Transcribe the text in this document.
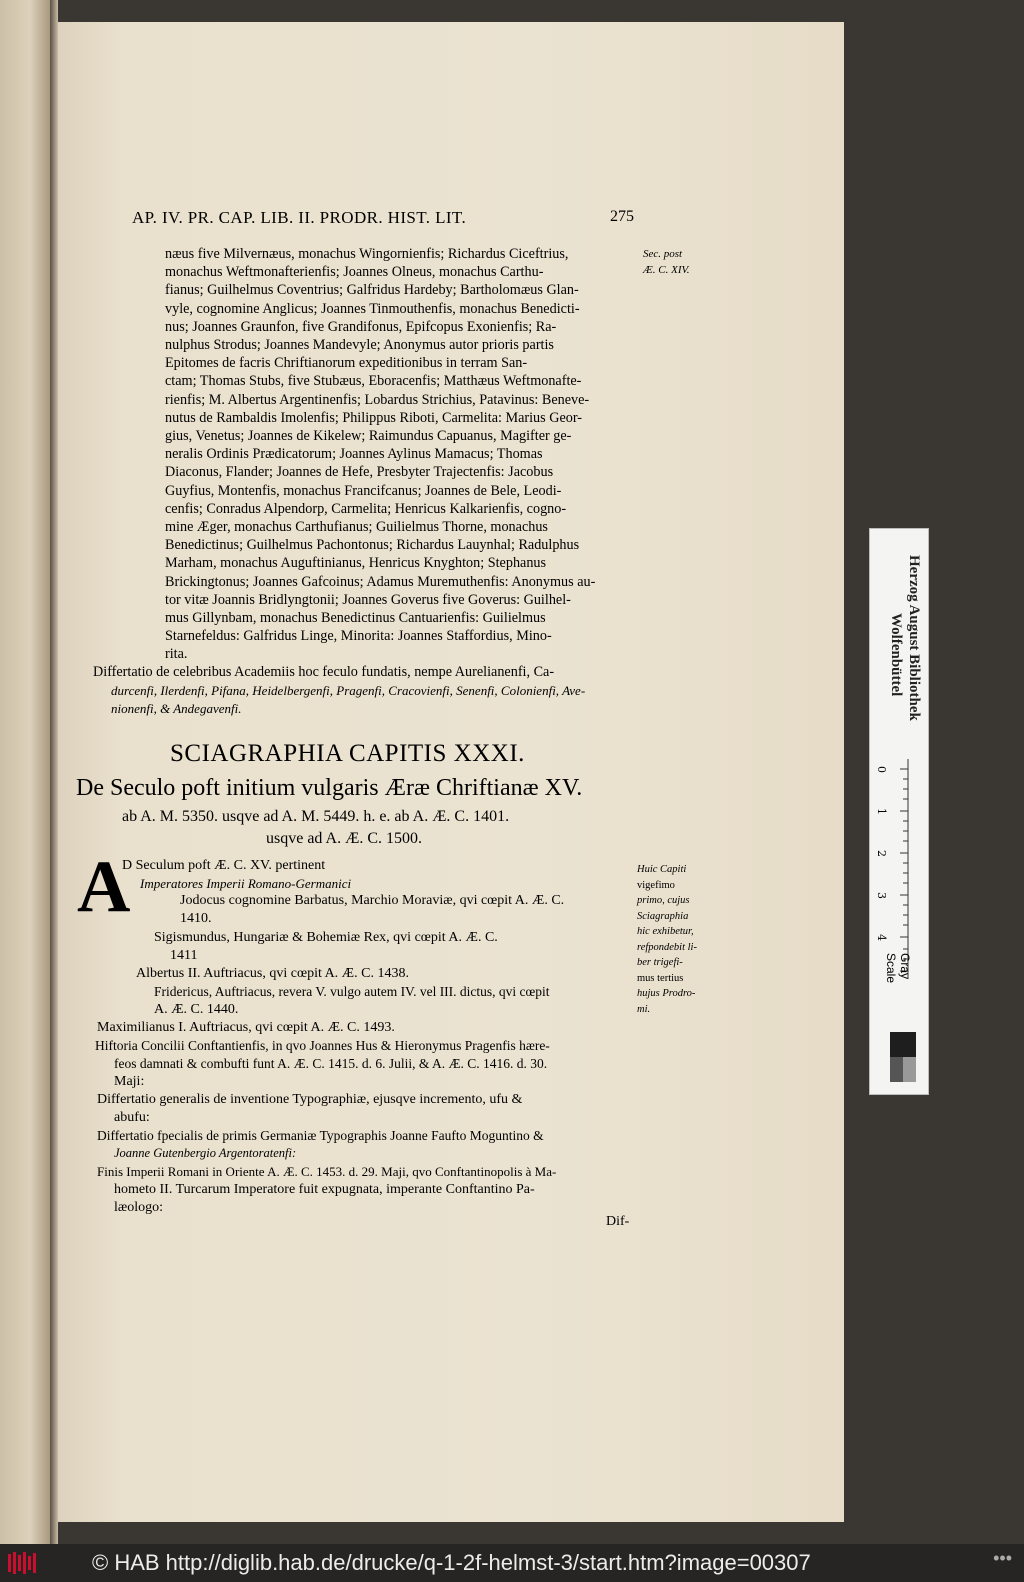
AP. IV. PR. CAP. LIB. II. PRODR. HIST. LIT.	275
Sec. post
Æ. C. XIV.
næus five Milvernæus, monachus Wingornienfis; Richardus Ciceftrius,
monachus Weftmonafterienfis; Joannes Olneus, monachus Carthu-
fianus; Guilhelmus Coventrius; Galfridus Hardeby; Bartholomæus Glan-
vyle, cognomine Anglicus; Joannes Tinmouthenfis, monachus Benedicti-
nus; Joannes Graunfon, five Grandifonus, Epifcopus Exonienfis; Ra-
nulphus Strodus; Joannes Mandevyle; Anonymus autor prioris partis
Epitomes de facris Chriftianorum expeditionibus in terram San-
ctam; Thomas Stubs, five Stubæus, Eboracenfis; Matthæus Weftmonafte-
rienfis; M. Albertus Argentinenfis; Lobardus Strichius, Patavinus: Beneve-
nutus de Rambaldis Imolenfis; Philippus Riboti, Carmelita: Marius Geor-
gius, Venetus; Joannes de Kikelew; Raimundus Capuanus, Magifter ge-
neralis Ordinis Prædicatorum; Joannes Aylinus Mamacus; Thomas
Diaconus, Flander; Joannes de Hefe, Presbyter Trajectenfis: Jacobus
Guyfius, Montenfis, monachus Francifcanus; Joannes de Bele, Leodi-
cenfis; Conradus Alpendorp, Carmelita; Henricus Kalkarienfis, cogno-
mine Æger, monachus Carthufianus; Guilielmus Thorne, monachus
Benedictinus; Guilhelmus Pachontonus; Richardus Lauynhal; Radulphus
Marham, monachus Auguftinianus, Henricus Knyghton; Stephanus
Brickingtonus; Joannes Gafcoinus; Adamus Muremuthenfis: Anonymus au-
tor vitæ Joannis Bridlyngtonii; Joannes Goverus five Goverus: Guilhel-
mus Gillynbam, monachus Benedictinus Cantuarienfis: Guilielmus
Starnefeldus: Galfridus Linge, Minorita: Joannes Staffordius, Mino-
rita.
Differtatio de celebribus Academiis hoc feculo fundatis, nempe Aurelianenfi, Ca-
durcenfi, Ilerdenfi, Pifana, Heidelbergenfi, Pragenfi, Cracovienfi, Senenfi, Colonienfi, Ave-
nionenfi, & Andegavenfi.
SCIAGRAPHIA CAPITIS XXXI.
De Seculo poft initium vulgaris Æræ Chriftianæ XV.
ab A. M. 5350. usqve ad A. M. 5449. h. e. ab A. Æ. C. 1401.
usqve ad A. Æ. C. 1500.
A
D Seculum poft Æ. C. XV. pertinent
Imperatores Imperii Romano-Germanici
Jodocus cognomine Barbatus, Marchio Moraviæ, qvi cœpit A. Æ. C.
1410.
Sigismundus, Hungariæ & Bohemiæ Rex, qvi cœpit A. Æ. C.
1411
Albertus II. Auftriacus, qvi cœpit A. Æ. C. 1438.
Fridericus, Auftriacus, revera V. vulgo autem IV. vel III. dictus, qvi cœpit
A. Æ. C. 1440.
Maximilianus I. Auftriacus, qvi cœpit A. Æ. C. 1493.
Hiftoria Concilii Conftantienfis, in qvo Joannes Hus & Hieronymus Pragenfis hære-
feos damnati & combufti funt A. Æ. C. 1415. d. 6. Julii, & A. Æ. C. 1416. d. 30.
Maji:
Differtatio generalis de inventione Typographiæ, ejusqve incremento, ufu &
abufu:
Differtatio fpecialis de primis Germaniæ Typographis Joanne Faufto Moguntino &
Joanne Gutenbergio Argentoratenfi:
Finis Imperii Romani in Oriente A. Æ. C. 1453. d. 29. Maji, qvo Conftantinopolis à Ma-
hometo II. Turcarum Imperatore fuit expugnata, imperante Conftantino Pa-
læologo:
Huic Capiti
vigefimo
primo, cujus
Sciagraphia
hic exhibetur,
refpondebit li-
ber trigefi-
mus tertius
hujus Prodro-
mi.
Dif-
Herzog August Bibliothek
Wolfenbüttel
0
1
2
3
4
Gray Scale
© HAB http://diglib.hab.de/drucke/q-1-2f-helmst-3/start.htm?image=00307	•••
